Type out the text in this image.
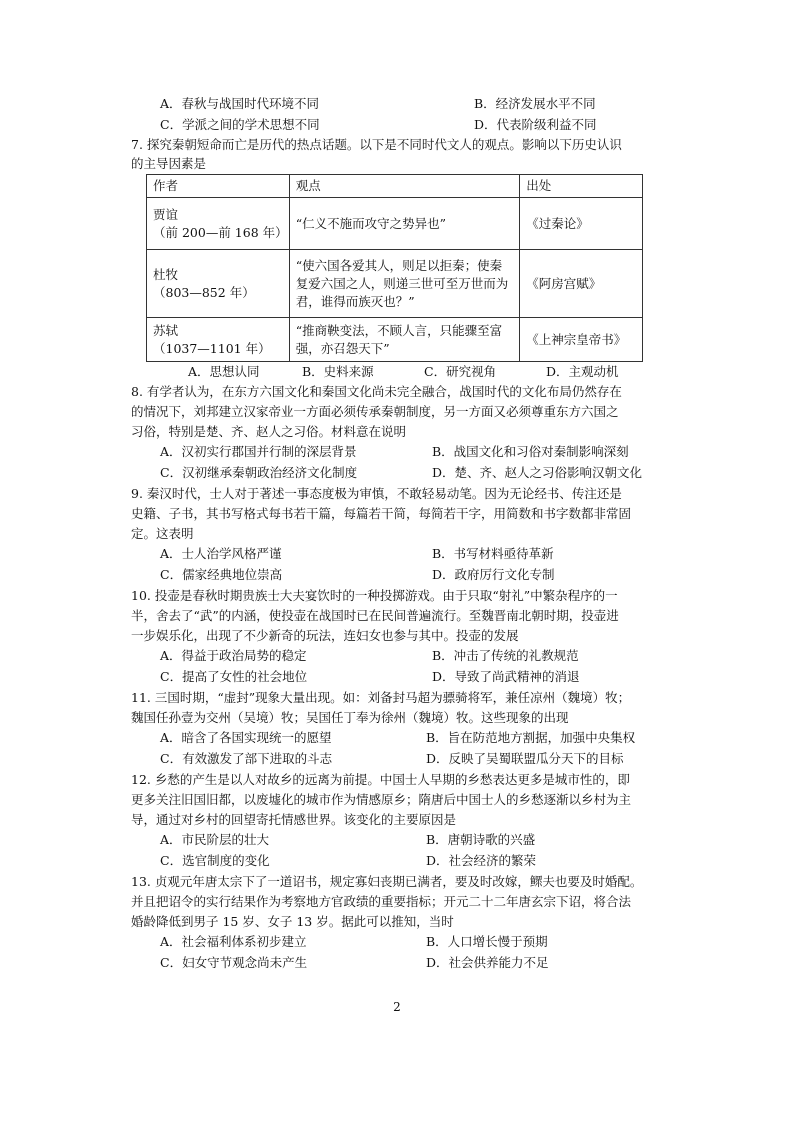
A．春秋与战国时代环境不同	B．经济发展水平不同
C．学派之间的学术思想不同	D．代表阶级利益不同
7. 探究秦朝短命而亡是历代的热点话题。以下是不同时代文人的观点。影响以下历史认识
的主导因素是
作者	观点	出处

贾谊
（前 200—前 168 年）	“仁义不施而攻守之势异也”	《过秦论》

杜牧
（803—852 年）	“使六国各爱其人，则足以拒秦；使秦复爱六国之人，则递三世可至万世而为君，谁得而族灭也？”	《阿房宫赋》

苏轼
（1037—1101 年）	“推商鞅变法，不顾人言，只能骤至富强，亦召怨天下”	《上神宗皇帝书》
A．思想认同	B．史料来源	C．研究视角	D．主观动机
8. 有学者认为，在东方六国文化和秦国文化尚未完全融合，战国时代的文化布局仍然存在
的情况下，刘邦建立汉家帝业一方面必须传承秦朝制度，另一方面又必须尊重东方六国之
习俗，特别是楚、齐、赵人之习俗。材料意在说明
A．汉初实行郡国并行制的深层背景	B．战国文化和习俗对秦制影响深刻
C．汉初继承秦朝政治经济文化制度	D．楚、齐、赵人之习俗影响汉朝文化
9. 秦汉时代，士人对于著述一事态度极为审慎，不敢轻易动笔。因为无论经书、传注还是
史籍、子书，其书写格式每书若干篇，每篇若干简，每简若干字，用简数和书字数都非常固
定。这表明
A．士人治学风格严谨	B．书写材料亟待革新
C．儒家经典地位崇高	D．政府厉行文化专制
10. 投壶是春秋时期贵族士大夫宴饮时的一种投掷游戏。由于只取“射礼”中繁杂程序的一
半，舍去了“武”的内涵，使投壶在战国时已在民间普遍流行。至魏晋南北朝时期，投壶进
一步娱乐化，出现了不少新奇的玩法，连妇女也参与其中。投壶的发展
A．得益于政治局势的稳定	B．冲击了传统的礼教规范
C．提高了女性的社会地位	D．导致了尚武精神的消退
11. 三国时期，“虚封”现象大量出现。如：刘备封马超为骠骑将军，兼任凉州（魏境）牧；
魏国任孙壹为交州（吴境）牧；吴国任丁奉为徐州（魏境）牧。这些现象的出现
A．暗含了各国实现统一的愿望	B．旨在防范地方割据，加强中央集权
C．有效激发了部下进取的斗志	D．反映了吴蜀联盟瓜分天下的目标
12. 乡愁的产生是以人对故乡的远离为前提。中国士人早期的乡愁表达更多是城市性的，即
更多关注旧国旧都，以废墟化的城市作为情感原乡；隋唐后中国士人的乡愁逐渐以乡村为主
导，通过对乡村的回望寄托情感世界。该变化的主要原因是
A．市民阶层的壮大	B．唐朝诗歌的兴盛
C．选官制度的变化	D．社会经济的繁荣
13. 贞观元年唐太宗下了一道诏书，规定寡妇丧期已满者，要及时改嫁，鳏夫也要及时婚配。
并且把诏令的实行结果作为考察地方官政绩的重要指标；开元二十二年唐玄宗下诏，将合法
婚龄降低到男子 15 岁、女子 13 岁。据此可以推知，当时
A．社会福利体系初步建立	B．人口增长慢于预期
C．妇女守节观念尚未产生	D．社会供养能力不足
2
